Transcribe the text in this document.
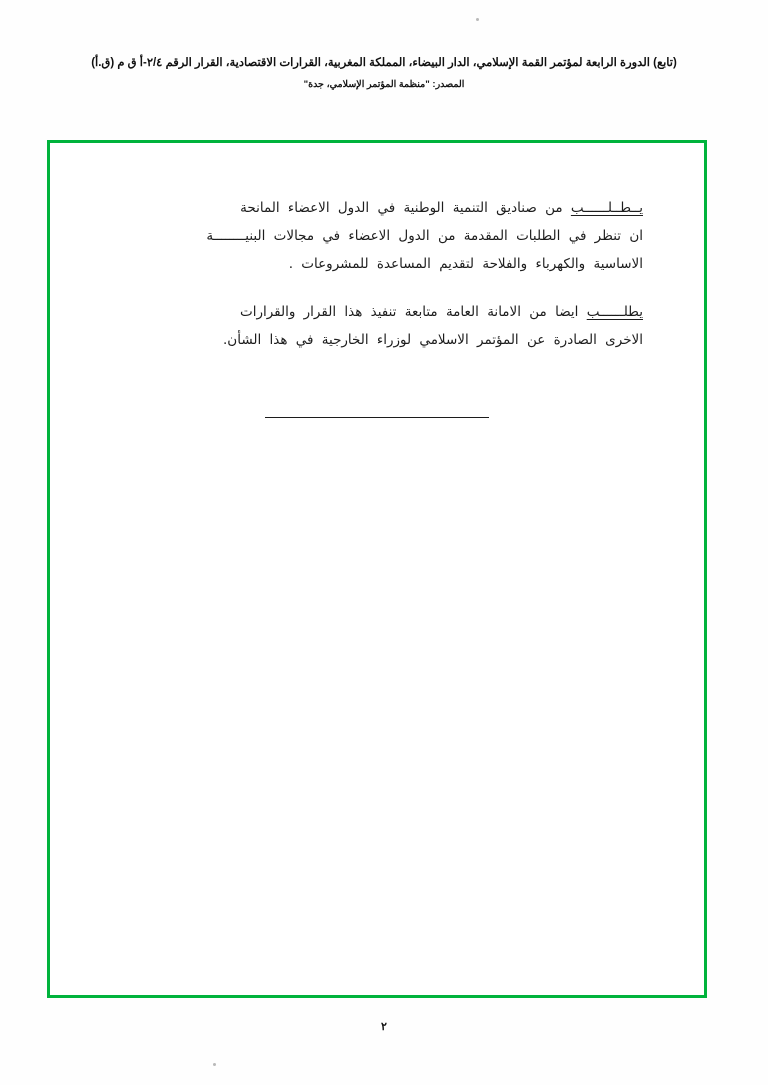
(تابع) الدورة الرابعة لمؤتمر القمة الإسلامي، الدار البيضاء، المملكة المغربية، القرارات الاقتصادية، القرار الرقم ٢/٤-أ ق م (ق.أ)
المصدر: "منظمة المؤتمر الإسلامي، جدة"
يــطــلــــــب من صناديق التنمية الوطنية في الدول الاعضاء المانحة
ان تنظر في الطلبات المقدمة من الدول الاعضاء في مجالات البنيــــــــة
الاساسية والكهرباء والفلاحة لتقديم المساعدة للمشروعات .
يطلــــــب ايضا من الامانة العامة متابعة تنفيذ هذا القرار والقرارات
الاخرى الصادرة عن المؤتمر الاسلامي لوزراء الخارجية في هذا الشأن.
٢
